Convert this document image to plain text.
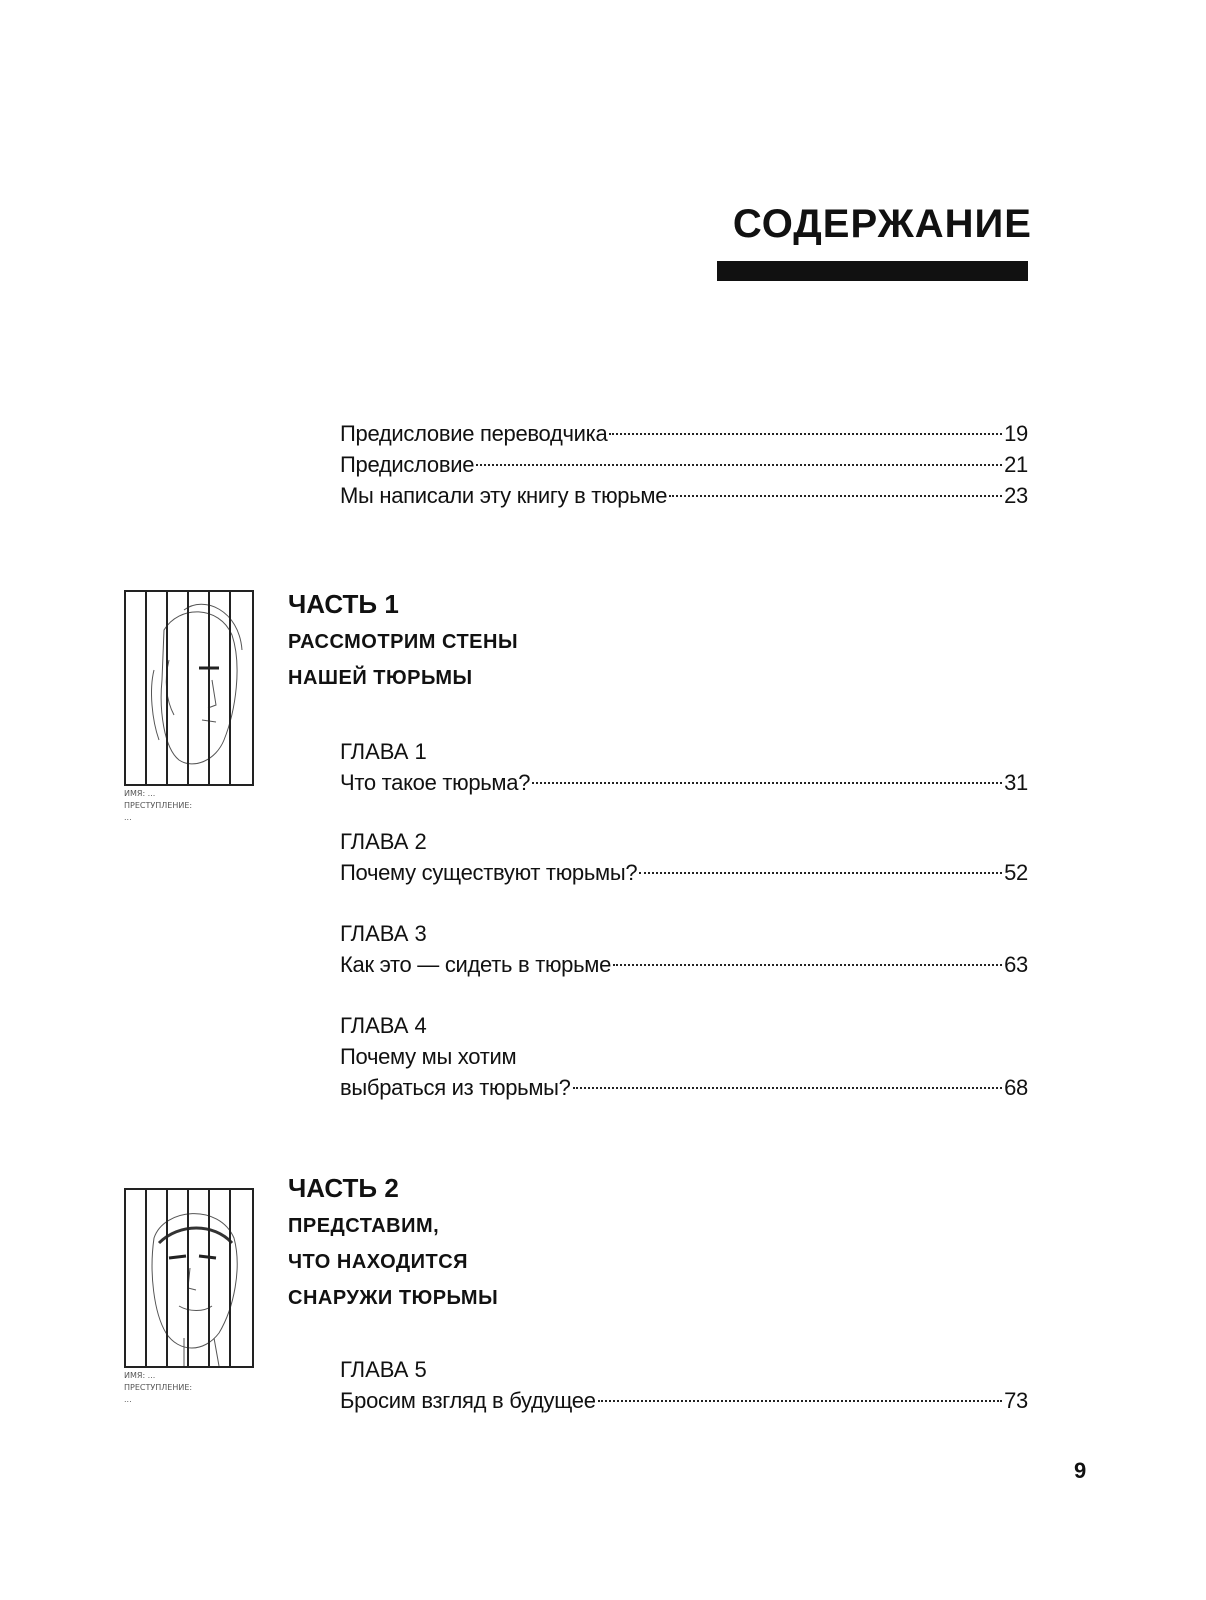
СОДЕРЖАНИЕ
Предисловие переводчика	19
Предисловие	21
Мы написали эту книгу в тюрьме	23
ИМЯ: ...
ПРЕСТУПЛЕНИЕ:
...
ЧАСТЬ 1
РАССМОТРИМ СТЕНЫ
НАШЕЙ ТЮРЬМЫ
ГЛАВА 1
Что такое тюрьма?	31
ГЛАВА 2
Почему существуют тюрьмы?	52
ГЛАВА 3
Как это — сидеть в тюрьме	63
ГЛАВА 4
Почему мы хотим
выбраться из тюрьмы?	68
ИМЯ: ...
ПРЕСТУПЛЕНИЕ:
...
ЧАСТЬ 2
ПРЕДСТАВИМ,
ЧТО НАХОДИТСЯ
СНАРУЖИ ТЮРЬМЫ
ГЛАВА 5
Бросим взгляд в будущее	73
9
